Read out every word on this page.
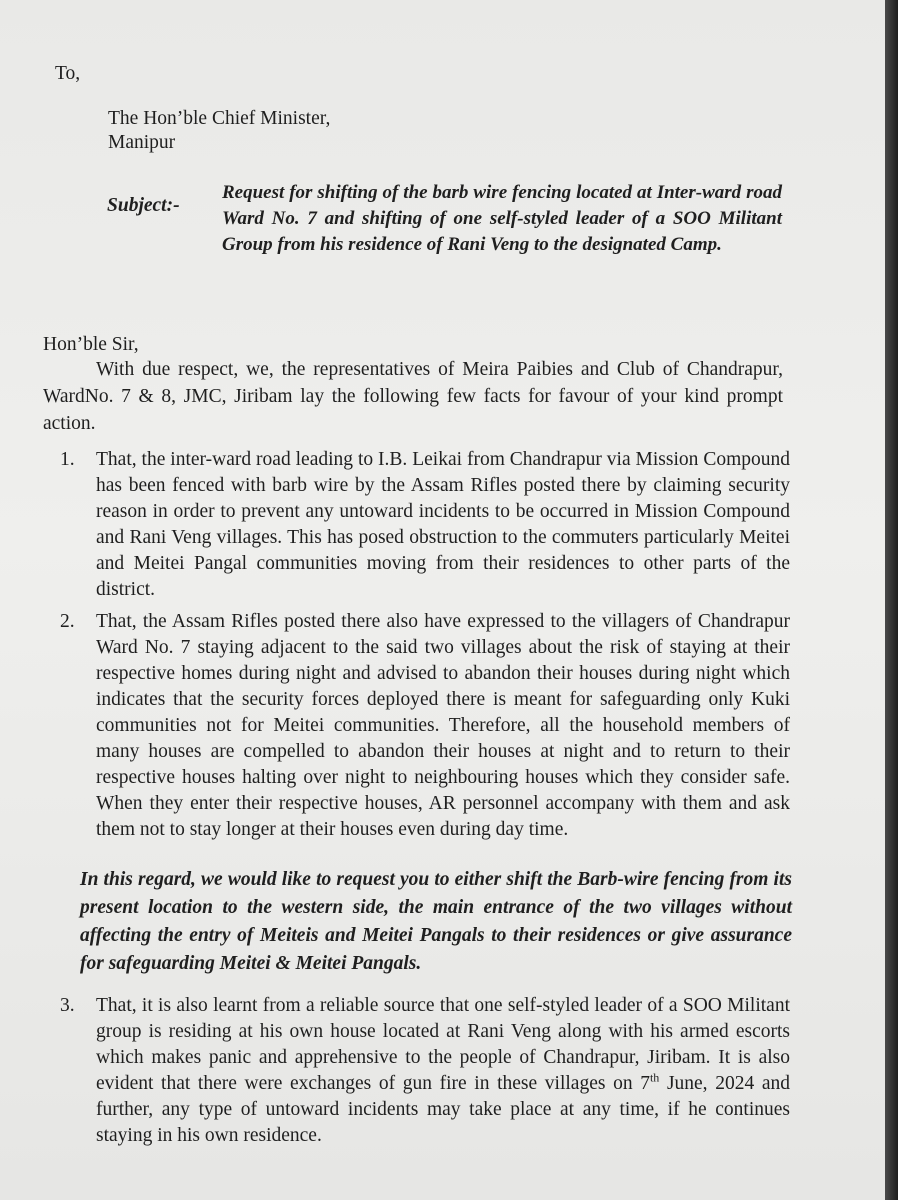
To,
The Hon’ble Chief Minister,
Manipur
Subject:-
Request for shifting of the barb wire fencing located at Inter-ward road Ward No. 7 and shifting of one self-styled leader of a SOO Militant Group from his residence of Rani Veng to the designated Camp.
Hon’ble Sir,
With due respect, we, the representatives of Meira Paibies and Club of Chandrapur, WardNo. 7 & 8, JMC, Jiribam lay the following few facts for favour of your kind prompt action.
1. That, the inter-ward road leading to I.B. Leikai from Chandrapur via Mission Compound has been fenced with barb wire by the Assam Rifles posted there by claiming security reason in order to prevent any untoward incidents to be occurred in Mission Compound and Rani Veng villages. This has posed obstruction to the commuters particularly Meitei and Meitei Pangal communities moving from their residences to other parts of the district.
2. That, the Assam Rifles posted there also have expressed to the villagers of Chandrapur Ward No. 7 staying adjacent to the said two villages about the risk of staying at their respective homes during night and advised to abandon their houses during night which indicates that the security forces deployed there is meant for safeguarding only Kuki communities not for Meitei communities. Therefore, all the household members of many houses are compelled to abandon their houses at night and to return to their respective houses halting over night to neighbouring houses which they consider safe. When they enter their respective houses, AR personnel accompany with them and ask them not to stay longer at their houses even during day time.
In this regard, we would like to request you to either shift the Barb-wire fencing from its present location to the western side, the main entrance of the two villages without affecting the entry of Meiteis and Meitei Pangals to their residences or give assurance for safeguarding Meitei & Meitei Pangals.
3. That, it is also learnt from a reliable source that one self-styled leader of a SOO Militant group is residing at his own house located at Rani Veng along with his armed escorts which makes panic and apprehensive to the people of Chandrapur, Jiribam. It is also evident that there were exchanges of gun fire in these villages on 7th June, 2024 and further, any type of untoward incidents may take place at any time, if he continues staying in his own residence.
